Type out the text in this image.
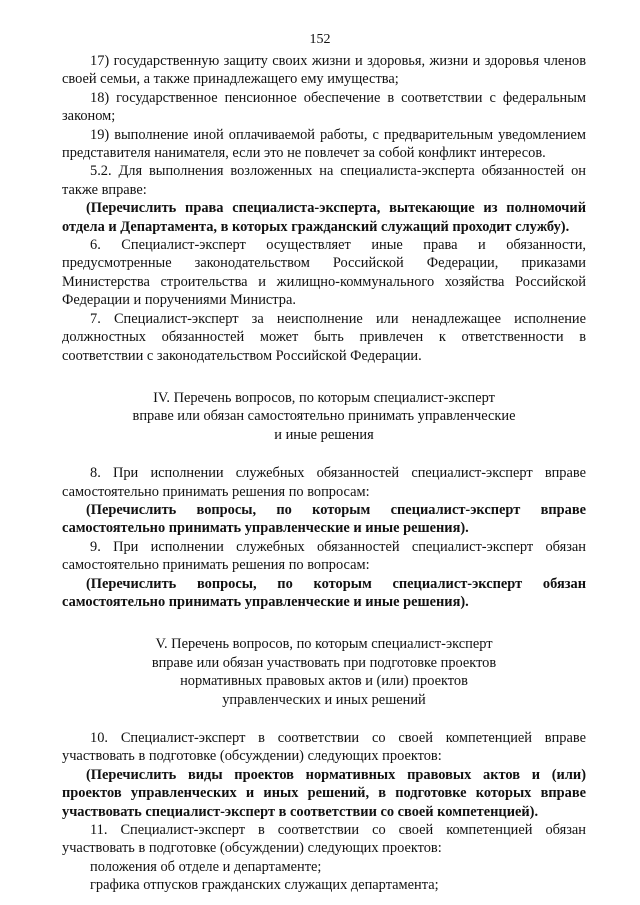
152

17) государственную защиту своих жизни и здоровья, жизни и здоровья членов своей семьи, а также принадлежащего ему имущества;

18) государственное пенсионное обеспечение в соответствии с федеральным законом;

19) выполнение иной оплачиваемой работы, с предварительным уведомлением представителя нанимателя, если это не повлечет за собой конфликт интересов.

5.2. Для выполнения возложенных на специалиста-эксперта обязанностей он также вправе:

(Перечислить права специалиста-эксперта, вытекающие из полномочий отдела и Департамента, в которых гражданский служащий проходит службу).

6. Специалист-эксперт осуществляет иные права и обязанности, предусмотренные законодательством Российской Федерации, приказами Министерства строительства и жилищно-коммунального хозяйства Российской Федерации и поручениями Министра.

7. Специалист-эксперт за неисполнение или ненадлежащее исполнение должностных обязанностей может быть привлечен к ответственности в соответствии с законодательством Российской Федерации.

IV. Перечень вопросов, по которым специалист-эксперт
вправе или обязан самостоятельно принимать управленческие
и иные решения

8. При исполнении служебных обязанностей специалист-эксперт вправе самостоятельно принимать решения по вопросам:

(Перечислить вопросы, по которым специалист-эксперт вправе самостоятельно принимать управленческие и иные решения).

9. При исполнении служебных обязанностей специалист-эксперт обязан самостоятельно принимать решения по вопросам:

(Перечислить вопросы, по которым специалист-эксперт обязан самостоятельно принимать управленческие и иные решения).

V. Перечень вопросов, по которым специалист-эксперт
вправе или обязан участвовать при подготовке проектов
нормативных правовых актов и (или) проектов
управленческих и иных решений

10. Специалист-эксперт в соответствии со своей компетенцией вправе участвовать в подготовке (обсуждении) следующих проектов:

(Перечислить виды проектов нормативных правовых актов и (или) проектов управленческих и иных решений, в подготовке которых вправе участвовать специалист-эксперт в соответствии со своей компетенцией).

11. Специалист-эксперт в соответствии со своей компетенцией обязан участвовать в подготовке (обсуждении) следующих проектов:

положения об отделе и департаменте;

графика отпусков гражданских служащих департамента;
